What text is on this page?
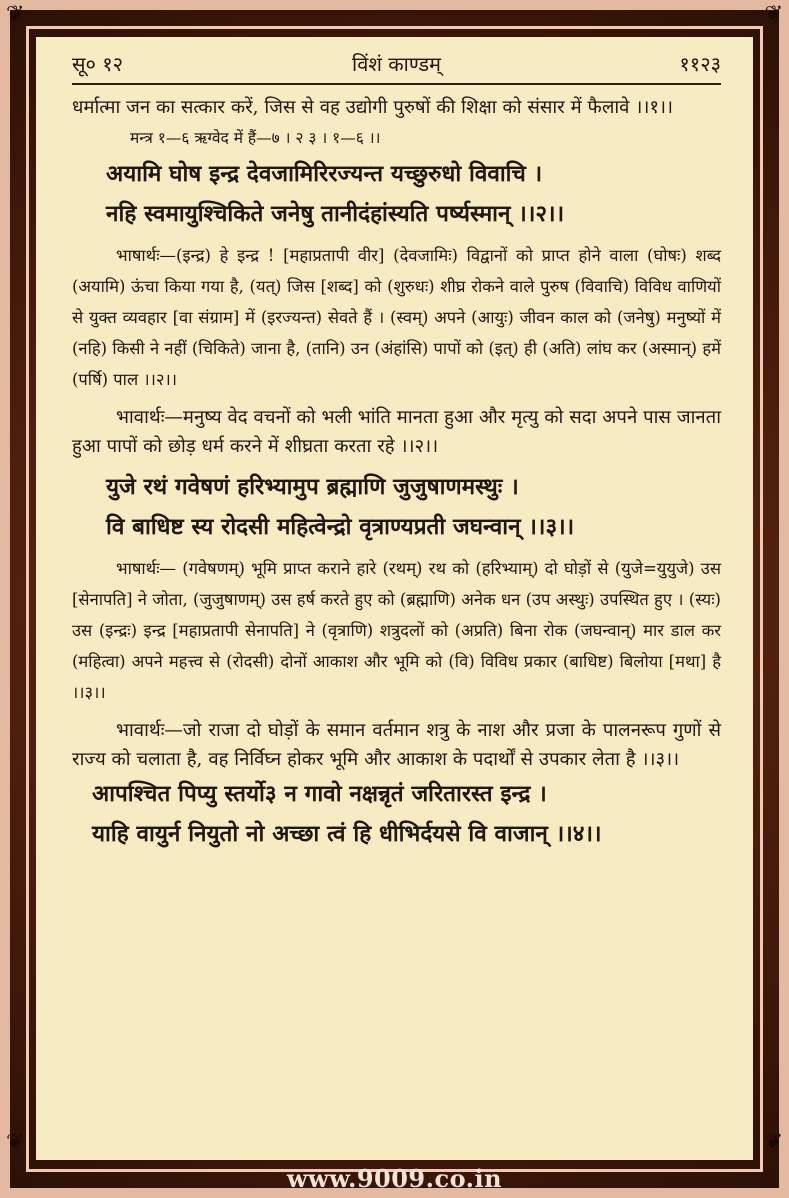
❦	❦
❦	❦
सू० १२	विंशं काण्डम्	११२३

धर्मात्मा जन का सत्कार करें, जिस से वह उद्योगी पुरुषों की शिक्षा को संसार में फैलावे ।।१।।

मन्त्र १—६ ऋग्वेद में हैं—७ । २ ३ । १—६ ।।

अयामि घोष इन्द्र देवजामिरिरज्यन्त यच्छुरुधो विवाचि ।

नहि स्वमायुश्चिकिते जनेषु तानीदंहांस्यति पर्ष्यस्मान् ।।२।।

भाषार्थः—(इन्द्र) हे इन्द्र ! [महाप्रतापी वीर] (देवजामिः) विद्वानों को प्राप्त होने वाला (घोषः) शब्द (अयामि) ऊंचा किया गया है, (यत्) जिस [शब्द] को (शुरुधः) शीघ्र रोकने वाले पुरुष (विवाचि) विविध वाणियों से युक्त व्यवहार [वा संग्राम] में (इरज्यन्त) सेवते हैं । (स्वम्) अपने (आयुः) जीवन काल को (जनेषु) मनुष्यों में (नहि) किसी ने नहीं (चिकिते) जाना है, (तानि) उन (अंहांसि) पापों को (इत्) ही (अति) लांघ कर (अस्मान्) हमें (पर्षि) पाल ।।२।।

भावार्थः—मनुष्य वेद वचनों को भली भांति मानता हुआ और मृत्यु को सदा अपने पास जानता हुआ पापों को छोड़ धर्म करने में शीघ्रता करता रहे ।।२।।

युजे रथं गवेषणं हरिभ्यामुप ब्रह्माणि जुजुषाणमस्थुः ।

वि बाधिष्ट स्य रोदसी महित्वेन्द्रो वृत्राण्यप्रती जघन्वान् ।।३।।

भाषार्थः— (गवेषणम्) भूमि प्राप्त कराने हारे (रथम्) रथ को (हरिभ्याम्) दो घोड़ों से (युजे=युयुजे) उस [सेनापति] ने जोता, (जुजुषाणम्) उस हर्ष करते हुए को (ब्रह्माणि) अनेक धन (उप अस्थुः) उपस्थित हुए । (स्यः) उस (इन्द्रः) इन्द्र [महाप्रतापी सेनापति] ने (वृत्राणि) शत्रुदलों को (अप्रति) बिना रोक (जघन्वान्) मार डाल कर (महित्वा) अपने महत्त्व से (रोदसी) दोनों आकाश और भूमि को (वि) विविध प्रकार (बाधिष्ट) बिलोया [मथा] है ।।३।।

भावार्थः—जो राजा दो घोड़ों के समान वर्तमान शत्रु के नाश और प्रजा के पालनरूप गुणों से राज्य को चलाता है, वह निर्विघ्न होकर भूमि और आकाश के पदार्थों से उपकार लेता है ।।३।।

आपश्चित पिप्यु स्तर्यो३ न गावो नक्षन्नृतं जरितारस्त इन्द्र ।

याहि वायुर्न नियुतो नो अच्छा त्वं हि धीभिर्दयसे वि वाजान् ।।४।।

www.9009.co.in
